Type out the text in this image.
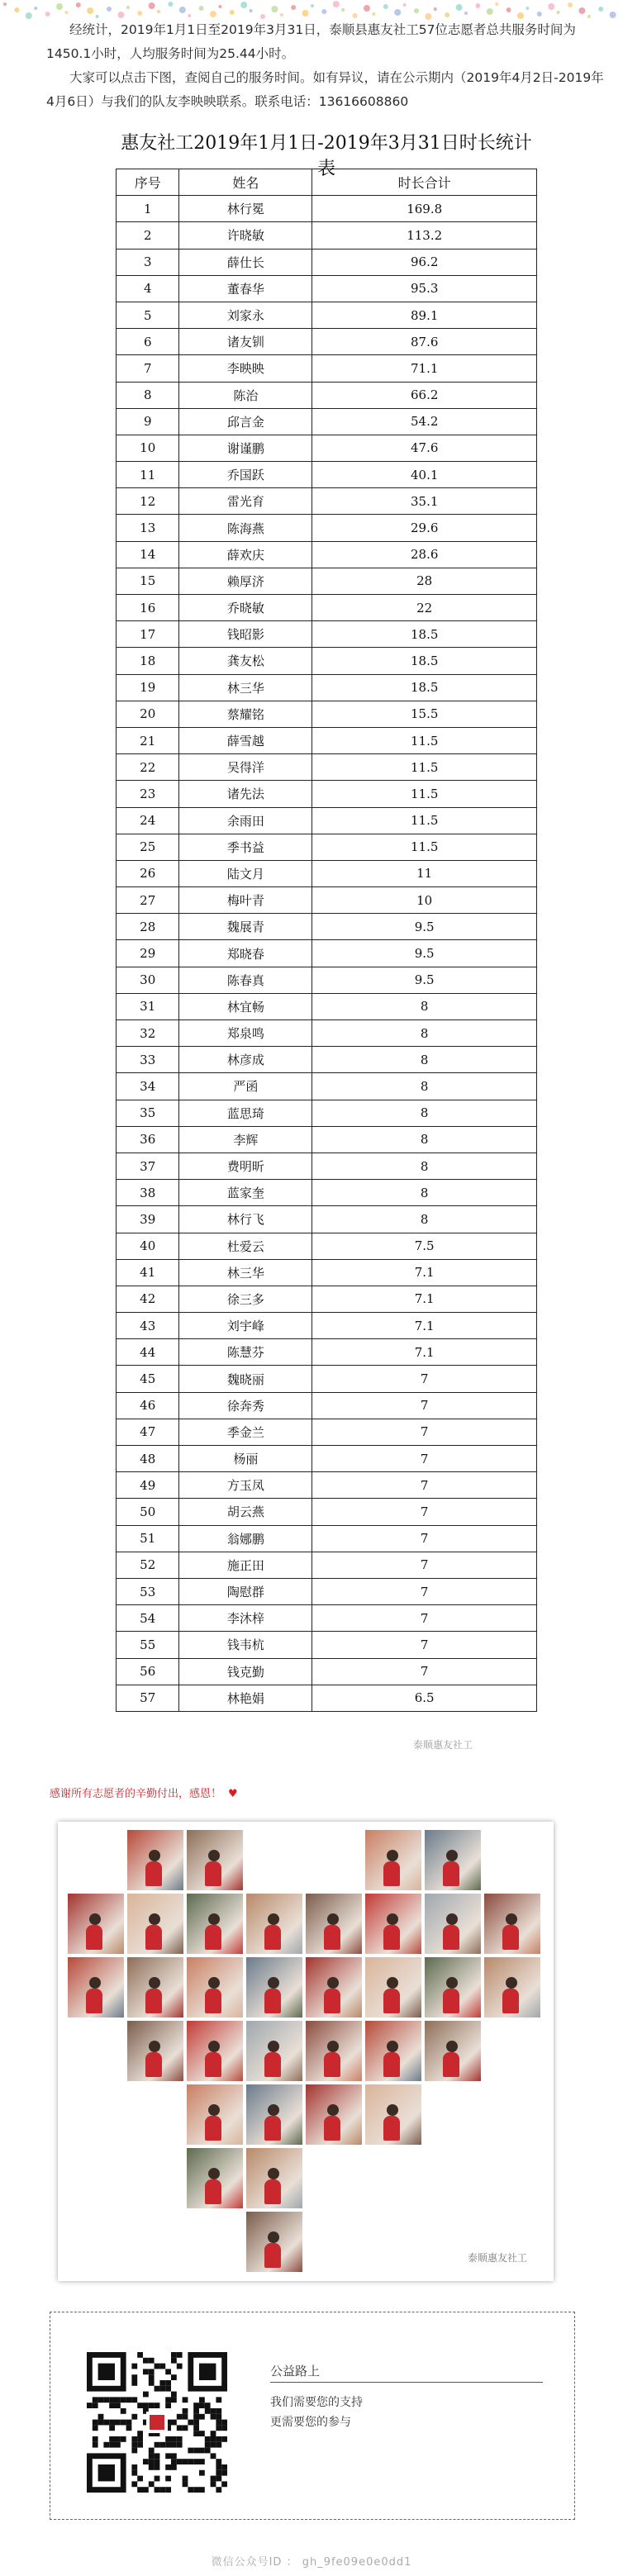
经统计，2019年1月1日至2019年3月31日，泰顺县惠友社工57位志愿者总共服务时间为1450.1小时，人均服务时间为25.44小时。

大家可以点击下图，查阅自己的服务时间。如有异议，请在公示期内（2019年4月2日-2019年4月6日）与我们的队友李映映联系。联系电话：13616608860

惠友社工2019年1月1日-2019年3月31日时长统计表
序号	姓名	时长合计
1	林行冕	169.8
2	许晓敏	113.2
3	薛仕长	96.2
4	董春华	95.3
5	刘家永	89.1
6	诸友钏	87.6
7	李映映	71.1
8	陈治	66.2
9	邱言金	54.2
10	谢谨鹏	47.6
11	乔国跃	40.1
12	雷光育	35.1
13	陈海燕	29.6
14	薛欢庆	28.6
15	赖厚济	28
16	乔晓敏	22
17	钱昭影	18.5
18	龚友松	18.5
19	林三华	18.5
20	蔡耀铭	15.5
21	薛雪越	11.5
22	吴得洋	11.5
23	诸先法	11.5
24	余雨田	11.5
25	季书益	11.5
26	陆文月	11
27	梅叶青	10
28	魏展青	9.5
29	郑晓春	9.5
30	陈春真	9.5
31	林宜畅	8
32	郑泉鸣	8
33	林彦成	8
34	严函	8
35	蓝思琦	8
36	李辉	8
37	费明昕	8
38	蓝家奎	8
39	林行飞	8
40	杜爱云	7.5
41	林三华	7.1
42	徐三多	7.1
43	刘宇峰	7.1
44	陈慧芬	7.1
45	魏晓丽	7
46	徐奔秀	7
47	季金兰	7
48	杨丽	7
49	方玉凤	7
50	胡云燕	7
51	翁娜鹏	7
52	施正田	7
53	陶慰群	7
54	李沐梓	7
55	钱韦杭	7
56	钱克勤	7
57	林艳娟	6.5
泰顺惠友社工
感谢所有志愿者的辛勤付出，感恩！ ♥
泰顺惠友社工
公益路上
我们需要您的支持
更需要您的参与
微信公众号ID ： gh_9fe09e0e0dd1
